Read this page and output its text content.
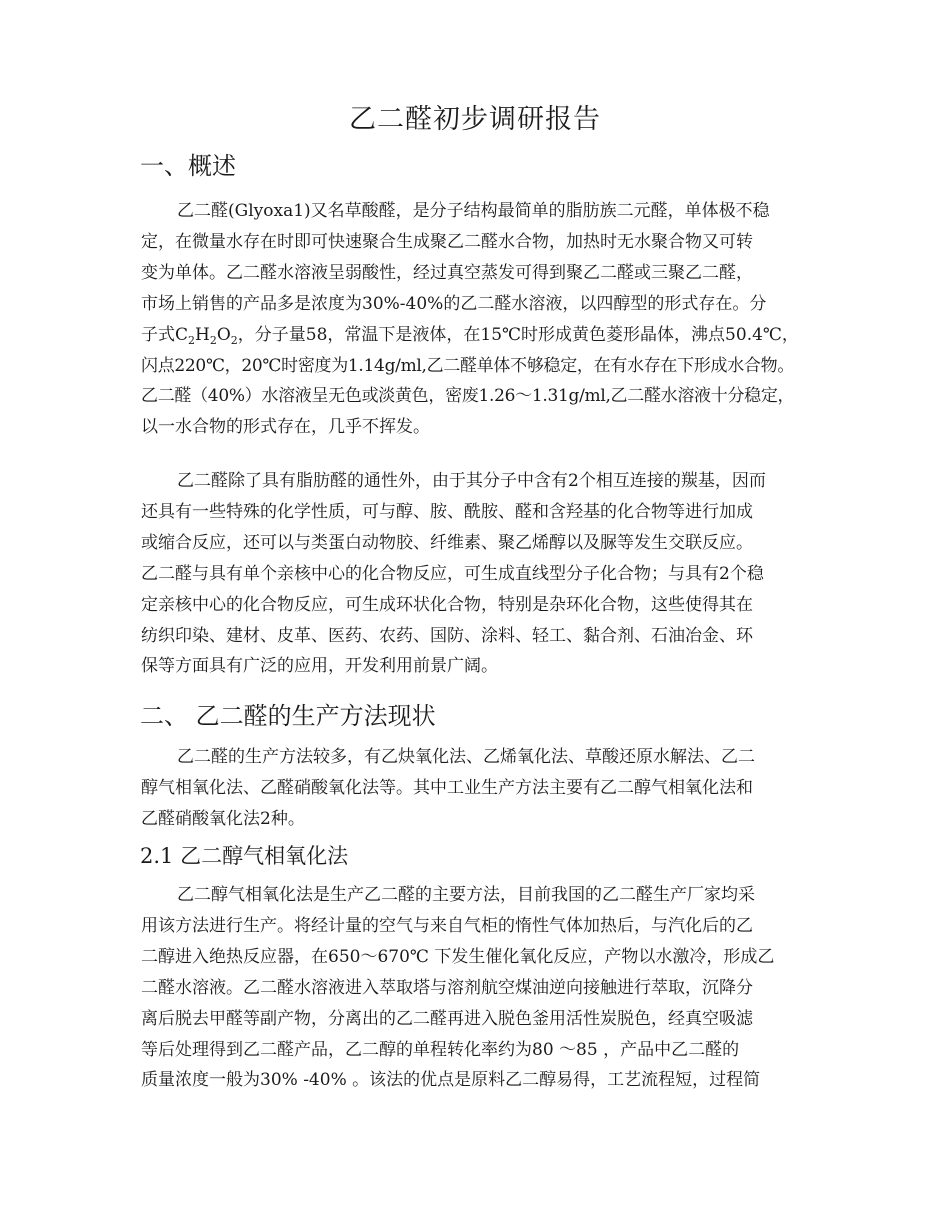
乙二醛初步调研报告
一、概述
乙二醛(Glyoxa1)又名草酸醛，是分子结构最简单的脂肪族二元醛，单体极不稳
定，在微量水存在时即可快速聚合生成聚乙二醛水合物，加热时无水聚合物又可转
变为单体。乙二醛水溶液呈弱酸性，经过真空蒸发可得到聚乙二醛或三聚乙二醛，
市场上销售的产品多是浓度为30%-40%的乙二醛水溶液，以四醇型的形式存在。分
子式$C_2H_2O_2$，分子量58，常温下是液体，在15℃时形成黄色菱形晶体，沸点50.4℃，
闪点220℃，20℃时密度为1.14g/ml,乙二醛单体不够稳定，在有水存在下形成水合物。
乙二醛（40%）水溶液呈无色或淡黄色，密废1.26～1.31g/ml,乙二醛水溶液十分稳定，
以一水合物的形式存在，几乎不挥发。
乙二醛除了具有脂肪醛的通性外，由于其分子中含有2个相互连接的羰基，因而
还具有一些特殊的化学性质，可与醇、胺、酰胺、醛和含羟基的化合物等进行加成
或缩合反应，还可以与类蛋白动物胶、纤维素、聚乙烯醇以及脲等发生交联反应。
乙二醛与具有单个亲核中心的化合物反应，可生成直线型分子化合物；与具有2个稳
定亲核中心的化合物反应，可生成环状化合物，特别是杂环化合物，这些使得其在
纺织印染、建材、皮革、医药、农药、国防、涂料、轻工、黏合剂、石油冶金、环
保等方面具有广泛的应用，开发利用前景广阔。
二、 乙二醛的生产方法现状
乙二醛的生产方法较多，有乙炔氧化法、乙烯氧化法、草酸还原水解法、乙二
醇气相氧化法、乙醛硝酸氧化法等。其中工业生产方法主要有乙二醇气相氧化法和
乙醛硝酸氧化法2种。
2.1 乙二醇气相氧化法
乙二醇气相氧化法是生产乙二醛的主要方法，目前我国的乙二醛生产厂家均采
用该方法进行生产。将经计量的空气与来自气柜的惰性气体加热后，与汽化后的乙
二醇进入绝热反应器，在650～670℃ 下发生催化氧化反应，产物以水激冷，形成乙
二醛水溶液。乙二醛水溶液进入萃取塔与溶剂航空煤油逆向接触进行萃取，沉降分
离后脱去甲醛等副产物，分离出的乙二醛再进入脱色釜用活性炭脱色，经真空吸滤
等后处理得到乙二醛产品，乙二醇的单程转化率约为80 ～85 ，产品中乙二醛的
质量浓度一般为30% -40% 。该法的优点是原料乙二醇易得，工艺流程短，过程简
